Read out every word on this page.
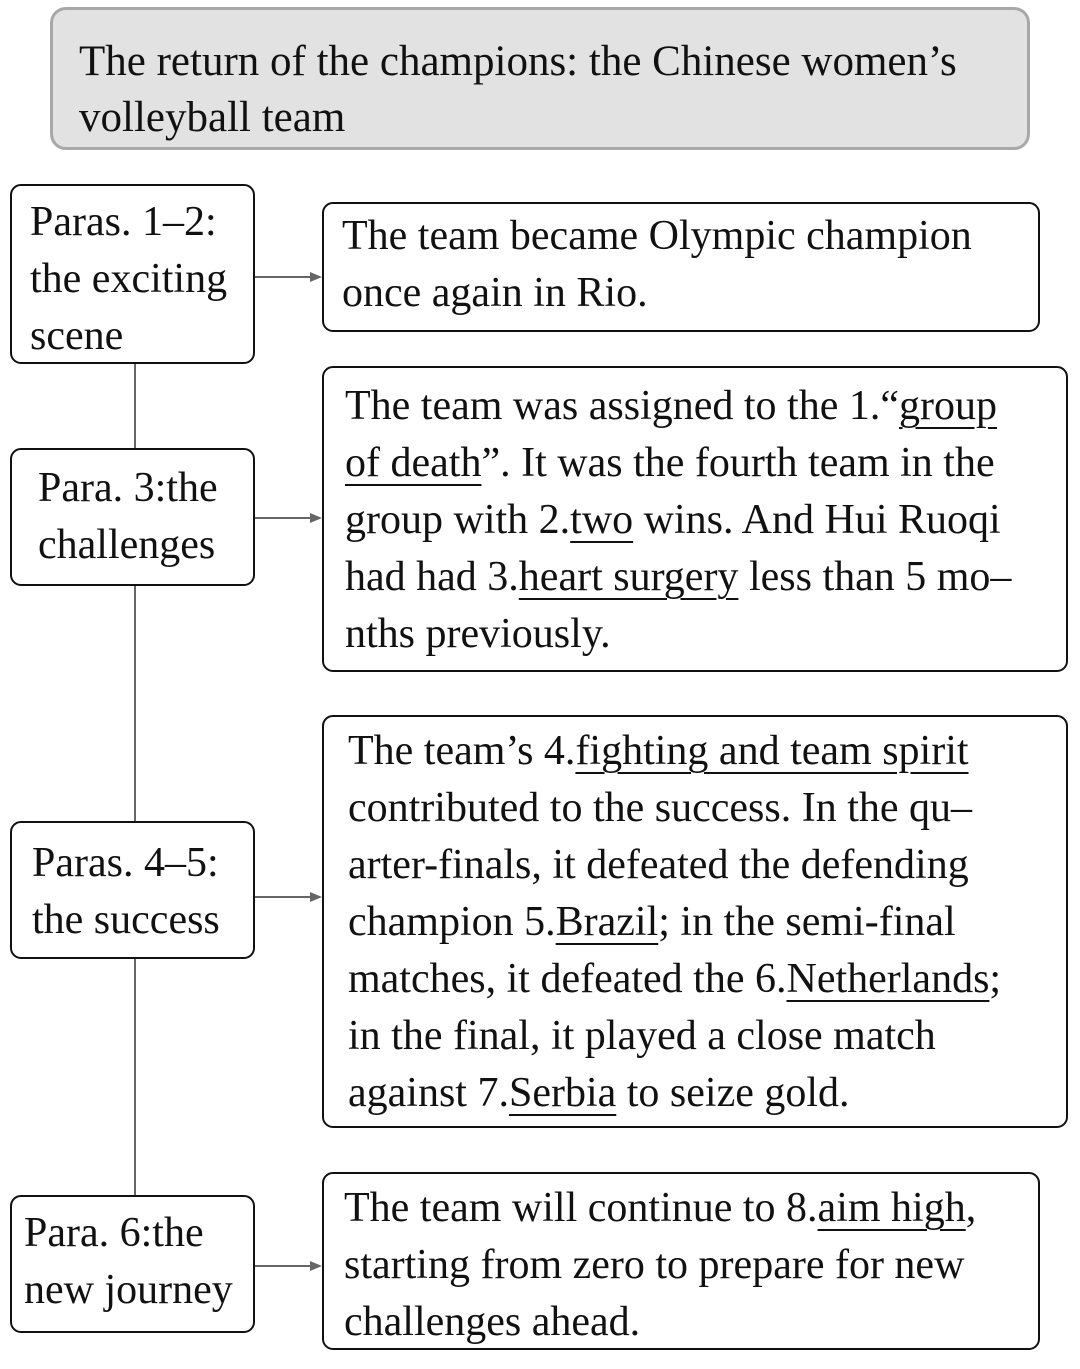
The return of the champions: the Chinese women’s volleyball team
Paras. 1–2: the exciting scene
The team became Olympic champion
once again in Rio.
Para. 3:the challenges
The team was assigned to the 1.“group
of death”. It was the fourth team in the
group with 2.two wins. And Hui Ruoqi
had had 3.heart surgery less than 5 mo–
nths previously.
Paras. 4–5: the success
The team’s 4.fighting and team spirit
contributed to the success. In the qu–
arter-finals, it defeated the defending
champion 5.Brazil; in the semi-final
matches, it defeated the 6.Netherlands;
in the final, it played a close match
against 7.Serbia to seize gold.
Para. 6:the new journey
The team will continue to 8.aim high,
starting from zero to prepare for new
challenges ahead.
